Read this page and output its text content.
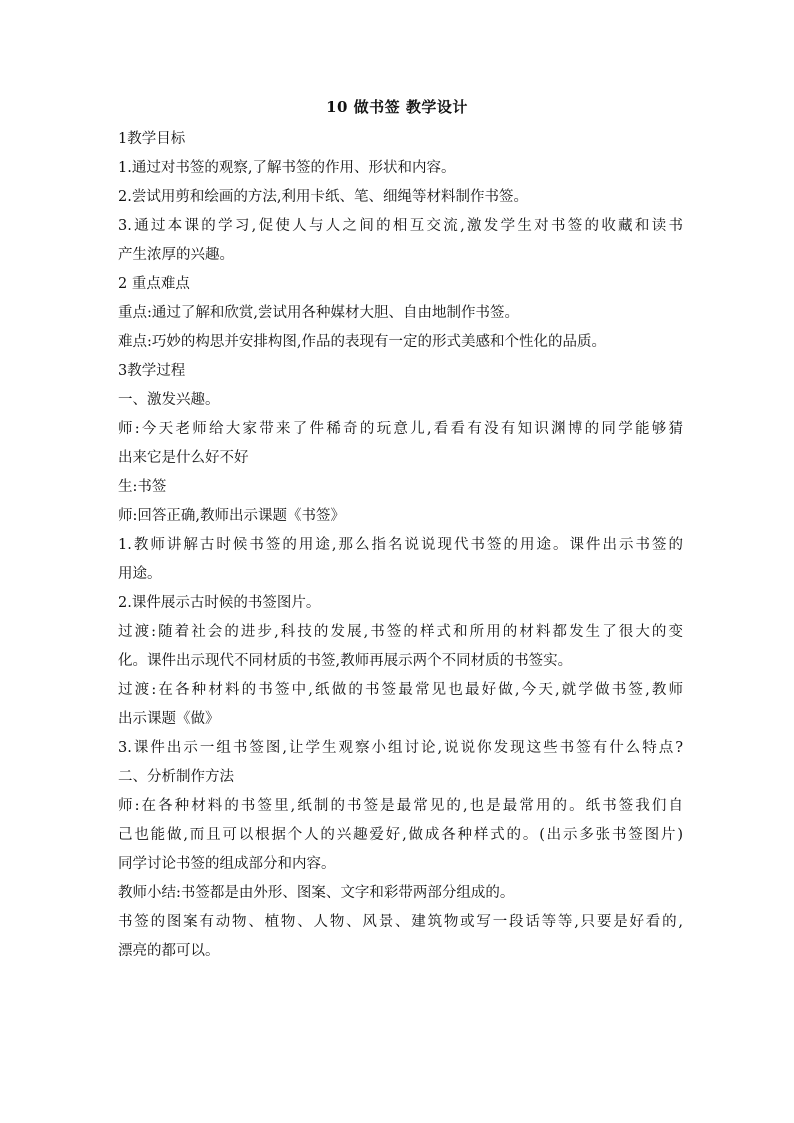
10 做书签 教学设计
1教学目标
1.通过对书签的观察,了解书签的作用、形状和内容。
2.尝试用剪和绘画的方法,利用卡纸、笔、细绳等材料制作书签。
3.通过本课的学习,促使人与人之间的相互交流,激发学生对书签的收藏和读书
产生浓厚的兴趣。
2 重点难点
重点:通过了解和欣赏,尝试用各种媒材大胆、自由地制作书签。
难点:巧妙的构思并安排构图,作品的表现有一定的形式美感和个性化的品质。
3教学过程
一、激发兴趣。
师:今天老师给大家带来了件稀奇的玩意儿,看看有没有知识渊博的同学能够猜
出来它是什么好不好
生:书签
师:回答正确,教师出示课题《书签》
1.教师讲解古时候书签的用途,那么指名说说现代书签的用途。课件出示书签的
用途。
2.课件展示古时候的书签图片。
过渡:随着社会的进步,科技的发展,书签的样式和所用的材料都发生了很大的变
化。课件出示现代不同材质的书签,教师再展示两个不同材质的书签实。
过渡:在各种材料的书签中,纸做的书签最常见也最好做,今天,就学做书签,教师
出示课题《做》
3.课件出示一组书签图,让学生观察小组讨论,说说你发现这些书签有什么特点?
二、分析制作方法
师:在各种材料的书签里,纸制的书签是最常见的,也是最常用的。纸书签我们自
己也能做,而且可以根据个人的兴趣爱好,做成各种样式的。(出示多张书签图片)
同学讨论书签的组成部分和内容。
教师小结:书签都是由外形、图案、文字和彩带两部分组成的。
书签的图案有动物、植物、人物、风景、建筑物或写一段话等等,只要是好看的,
漂亮的都可以。
